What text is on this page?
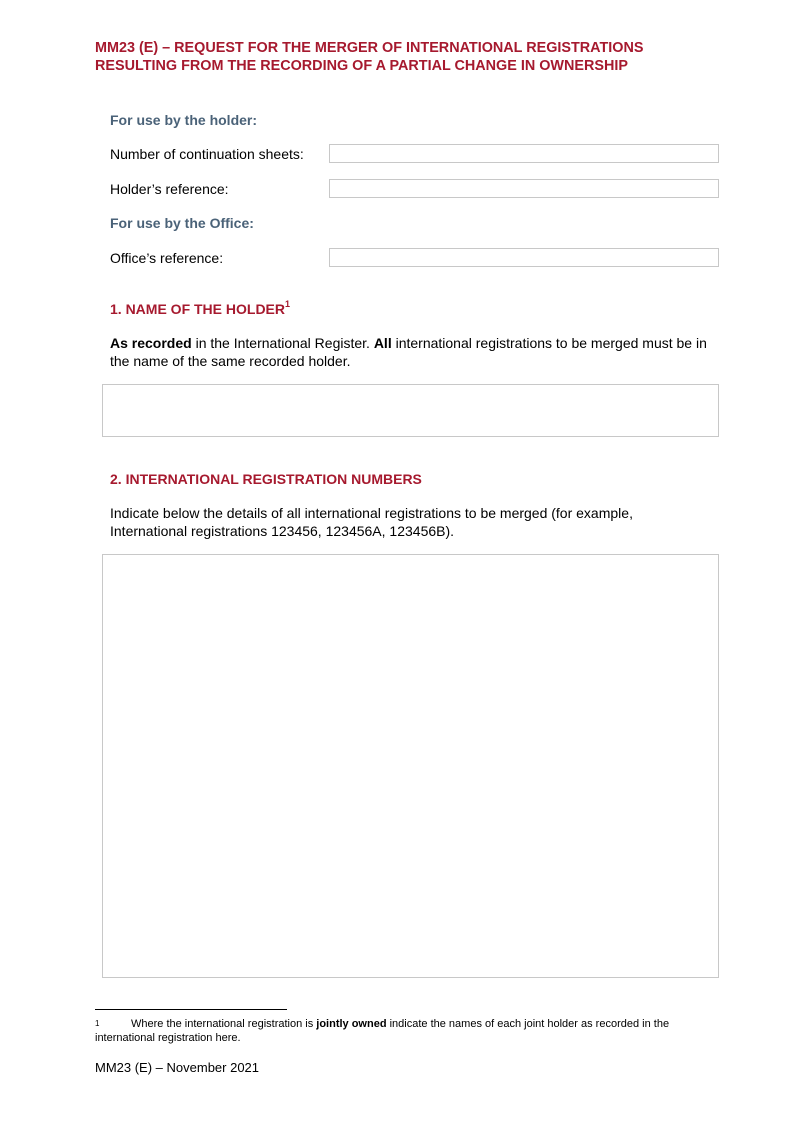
MM23 (E) – REQUEST FOR THE MERGER OF INTERNATIONAL REGISTRATIONS
RESULTING FROM THE RECORDING OF A PARTIAL CHANGE IN OWNERSHIP
For use by the holder:
Number of continuation sheets:
Holder’s reference:
For use by the Office:
Office’s reference:
1. NAME OF THE HOLDER$^1$
As recorded in the International Register. All international registrations to be merged must be in the name of the same recorded holder.
2. INTERNATIONAL REGISTRATION NUMBERS
Indicate below the details of all international registrations to be merged (for example, International registrations 123456, 123456A, 123456B).
1	Where the international registration is jointly owned indicate the names of each joint holder as recorded in the international registration here.
MM23 (E) – November 2021
